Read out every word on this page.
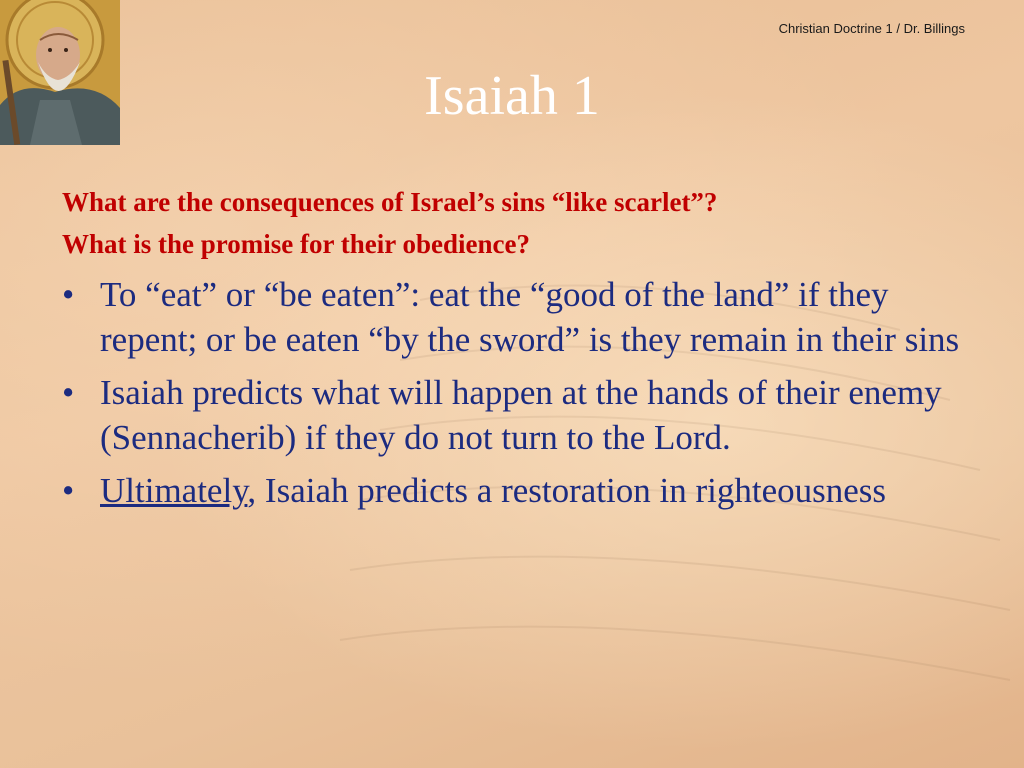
Christian Doctrine 1 / Dr. Billings
Isaiah 1
What are the consequences of Israel’s sins “like scarlet”?
What is the promise for their obedience?
• To “eat” or “be eaten”: eat the “good of the land” if they repent; or be eaten “by the sword” is they remain in their sins
• Isaiah predicts what will happen at the hands of their enemy (Sennacherib) if they do not turn to the Lord.
• Ultimately, Isaiah predicts a restoration in righteousness
